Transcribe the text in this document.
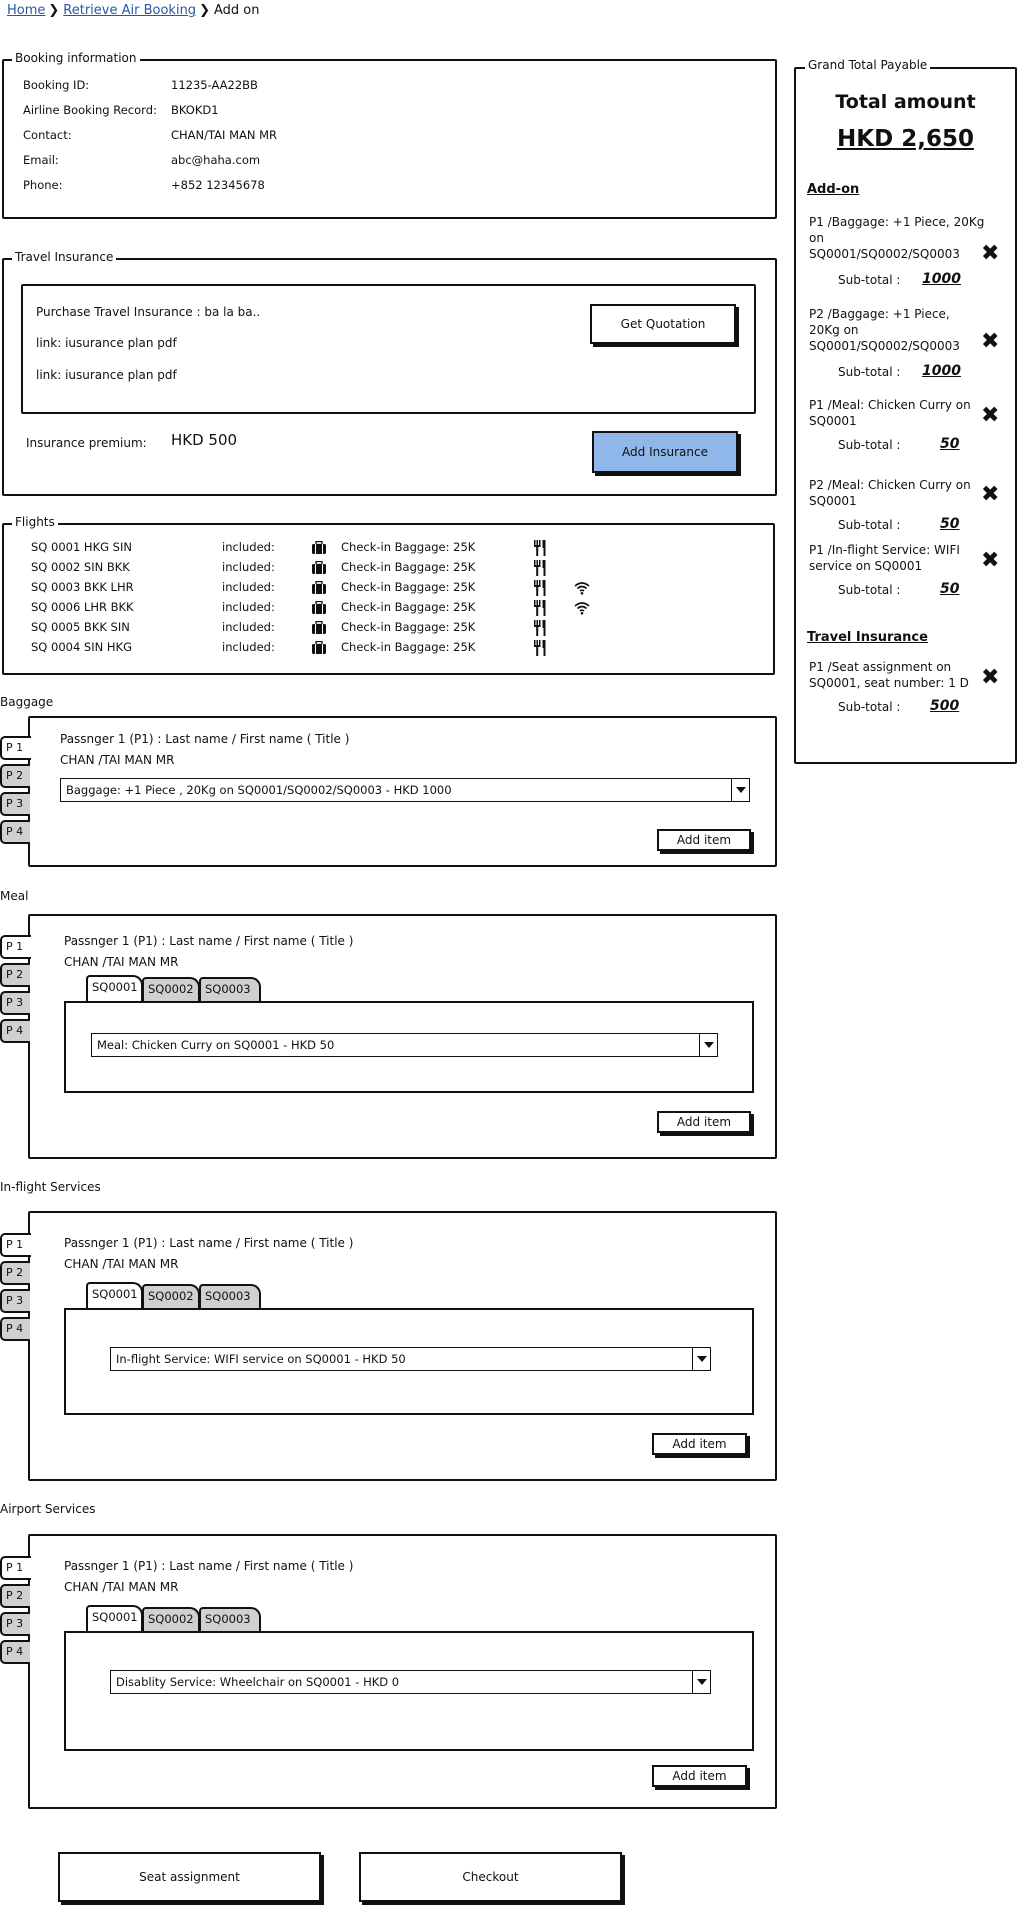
Home ❯ Retrieve Air Booking ❯ Add on
Booking information
Booking ID:	11235-AA22BB
Airline Booking Record: BKOKD1
Contact:	CHAN/TAI MAN MR
Email:	abc@haha.com
Phone:	+852 12345678
Travel Insurance
Purchase Travel Insurance : ba la ba..
link: iusurance plan pdf
link: iusurance plan pdf
Get Quotation
Insurance premium: HKD 500
Add Insurance
Flights
SQ 0001 HKG SIN	included:	Check-in Baggage: 25K
SQ 0002 SIN BKK	included:	Check-in Baggage: 25K
SQ 0003 BKK LHR	included:	Check-in Baggage: 25K
SQ 0006 LHR BKK	included:	Check-in Baggage: 25K
SQ 0005 BKK SIN	included:	Check-in Baggage: 25K
SQ 0004 SIN HKG	included:	Check-in Baggage: 25K
Baggage
P 1
P 2
P 3
P 4
Passnger 1 (P1) : Last name / First name ( Title )
CHAN /TAI MAN MR
Baggage: +1 Piece , 20Kg on SQ0001/SQ0002/SQ0003 - HKD 1000
Add item
Meal
P 1
P 2
P 3
P 4
Passnger 1 (P1) : Last name / First name ( Title )
CHAN /TAI MAN MR
SQ0001 SQ0002 SQ0003
Meal: Chicken Curry on SQ0001 - HKD 50
Add item
In-flight Services
P 1
P 2
P 3
P 4
Passnger 1 (P1) : Last name / First name ( Title )
CHAN /TAI MAN MR
SQ0001 SQ0002 SQ0003
In-flight Service: WIFI service on SQ0001 - HKD 50
Add item
Airport Services
P 1
P 2
P 3
P 4
Passnger 1 (P1) : Last name / First name ( Title )
CHAN /TAI MAN MR
SQ0001 SQ0002 SQ0003
Disablity Service: Wheelchair on SQ0001 - HKD 0
Add item
Seat assignment	Checkout
Grand Total Payable
Total amount
HKD 2,650
Add-on
P1 /Baggage: +1 Piece, 20Kg
on
SQ0001/SQ0002/SQ0003 ✖
Sub-total : 1000
P2 /Baggage: +1 Piece,
20Kg on
SQ0001/SQ0002/SQ0003 ✖
Sub-total : 1000
P1 /Meal: Chicken Curry on
SQ0001	✖
Sub-total :	50
P2 /Meal: Chicken Curry on
SQ0001	✖
Sub-total :	50
P1 /In-flight Service: WIFI
service on SQ0001	✖
Sub-total :	50
Travel Insurance
P1 /Seat assignment on
SQ0001, seat number: 1 D ✖
Sub-total : 500
